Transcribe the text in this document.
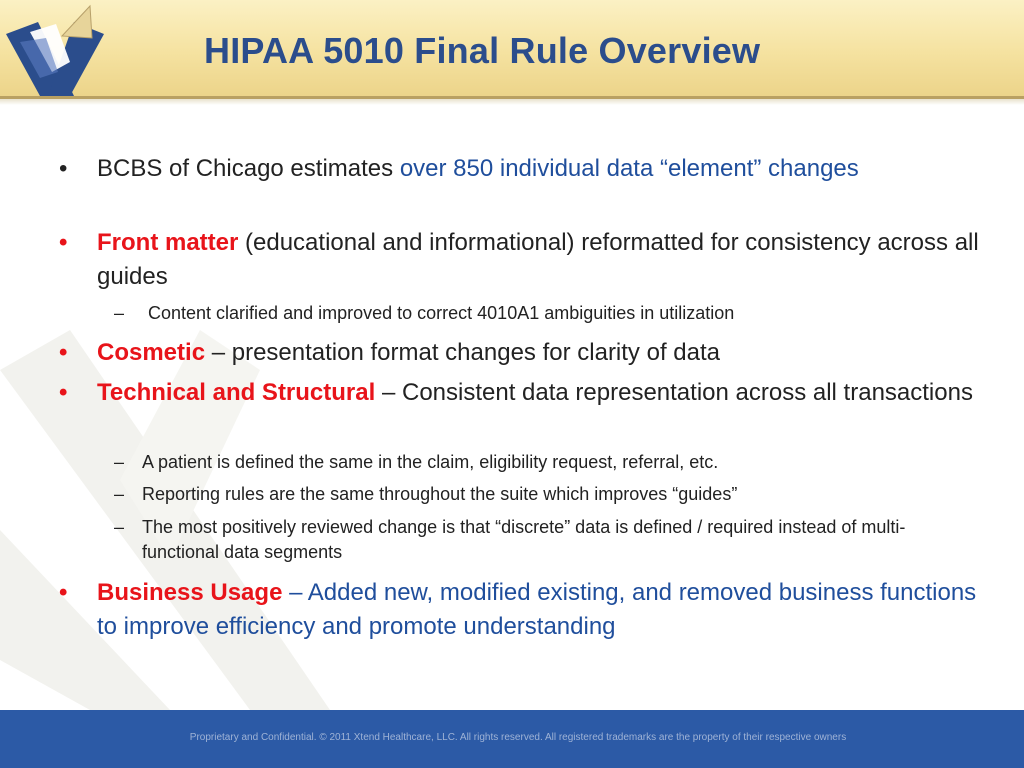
HIPAA 5010 Final Rule Overview
• BCBS of Chicago estimates over 850 individual data “element” changes
• Front matter (educational and informational) reformatted for consistency across all guides
– Content clarified and improved to correct 4010A1 ambiguities in utilization
• Cosmetic – presentation format changes for clarity of data
• Technical and Structural – Consistent data representation across all transactions
– A patient is defined the same in the claim, eligibility request, referral, etc.
– Reporting rules are the same throughout the suite which improves “guides”
– The most positively reviewed change is that “discrete” data is defined / required instead of multi-functional data segments
• Business Usage – Added new, modified existing, and removed business functions to improve efficiency and promote understanding
Proprietary and Confidential. © 2011 Xtend Healthcare, LLC. All rights reserved. All registered trademarks are the property of their respective owners
